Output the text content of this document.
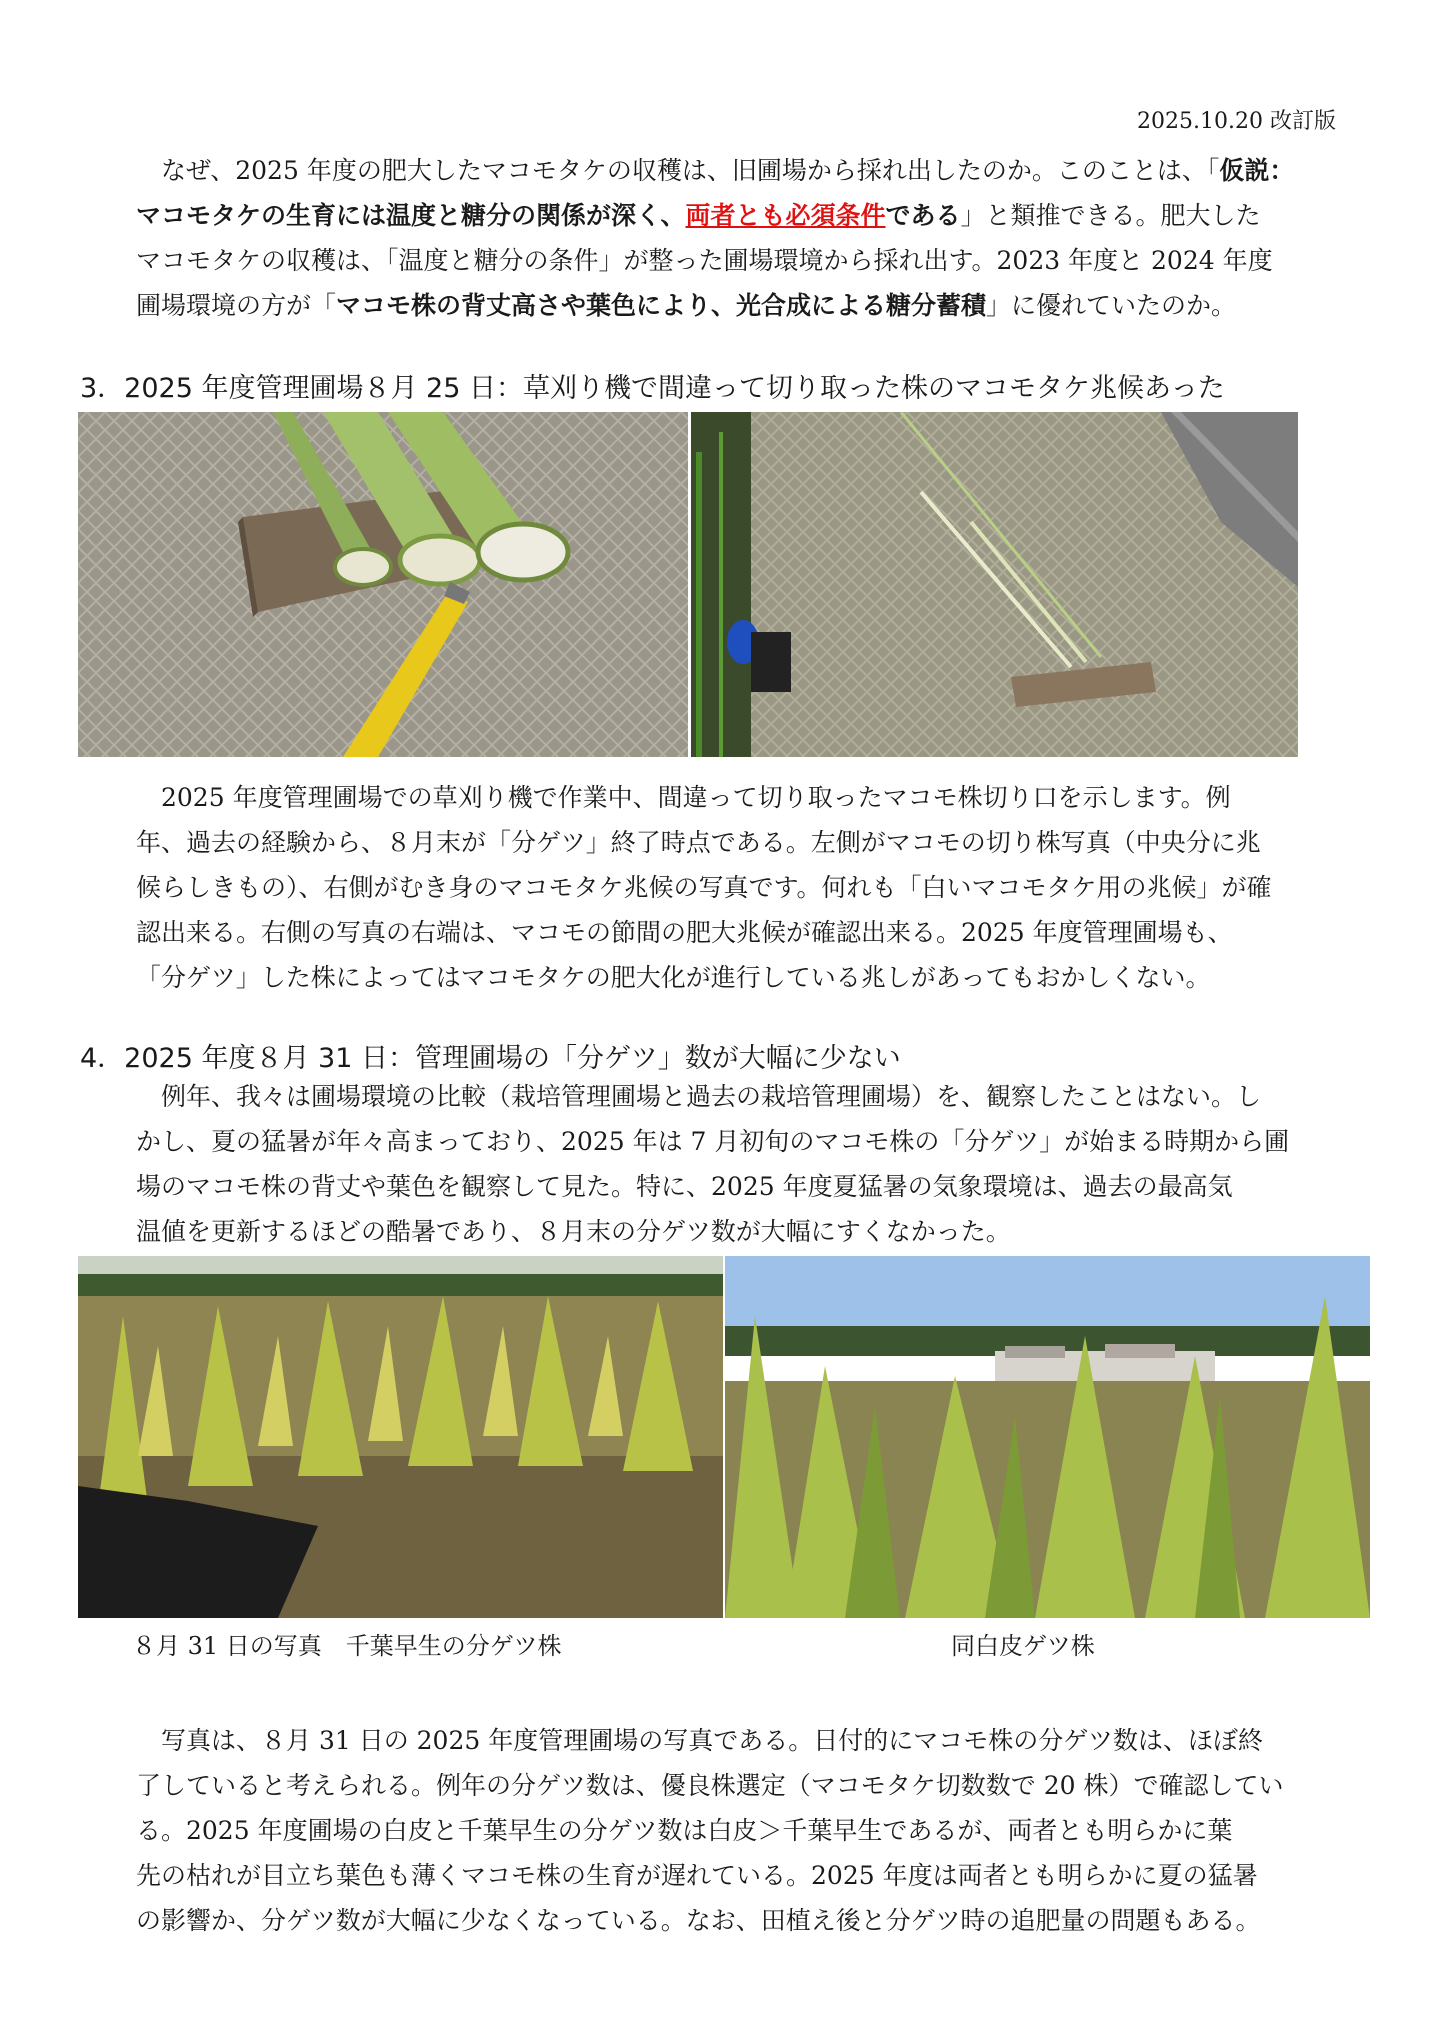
2025.10.20 改訂版

なぜ、2025 年度の肥大したマコモタケの収穫は、旧圃場から採れ出したのか。このことは、「仮説：

マコモタケの生育には温度と糖分の関係が深く、両者とも必須条件である」と類推できる。肥大した

マコモタケの収穫は、「温度と糖分の条件」が整った圃場環境から採れ出す。2023 年度と 2024 年度

圃場環境の方が「マコモ株の背丈高さや葉色により、光合成による糖分蓄積」に優れていたのか。

3．2025 年度管理圃場８月 25 日：草刈り機で間違って切り取った株のマコモタケ兆候あった

2025 年度管理圃場での草刈り機で作業中、間違って切り取ったマコモ株切り口を示します。例

年、過去の経験から、８月末が「分ゲツ」終了時点である。左側がマコモの切り株写真（中央分に兆

候らしきもの）、右側がむき身のマコモタケ兆候の写真です。何れも「白いマコモタケ用の兆候」が確

認出来る。右側の写真の右端は、マコモの節間の肥大兆候が確認出来る。2025 年度管理圃場も、

「分ゲツ」した株によってはマコモタケの肥大化が進行している兆しがあってもおかしくない。

4．2025 年度８月 31 日：管理圃場の「分ゲツ」数が大幅に少ない

例年、我々は圃場環境の比較（栽培管理圃場と過去の栽培管理圃場）を、観察したことはない。し

かし、夏の猛暑が年々高まっており、2025 年は 7 月初旬のマコモ株の「分ゲツ」が始まる時期から圃

場のマコモ株の背丈や葉色を観察して見た。特に、2025 年度夏猛暑の気象環境は、過去の最高気

温値を更新するほどの酷暑であり、８月末の分ゲツ数が大幅にすくなかった。

８月 31 日の写真　千葉早生の分ゲツ株	同白皮ゲツ株

写真は、８月 31 日の 2025 年度管理圃場の写真である。日付的にマコモ株の分ゲツ数は、ほぼ終

了していると考えられる。例年の分ゲツ数は、優良株選定（マコモタケ切数数で 20 株）で確認してい

る。2025 年度圃場の白皮と千葉早生の分ゲツ数は白皮＞千葉早生であるが、両者とも明らかに葉

先の枯れが目立ち葉色も薄くマコモ株の生育が遅れている。2025 年度は両者とも明らかに夏の猛暑

の影響か、分ゲツ数が大幅に少なくなっている。なお、田植え後と分ゲツ時の追肥量の問題もある。
